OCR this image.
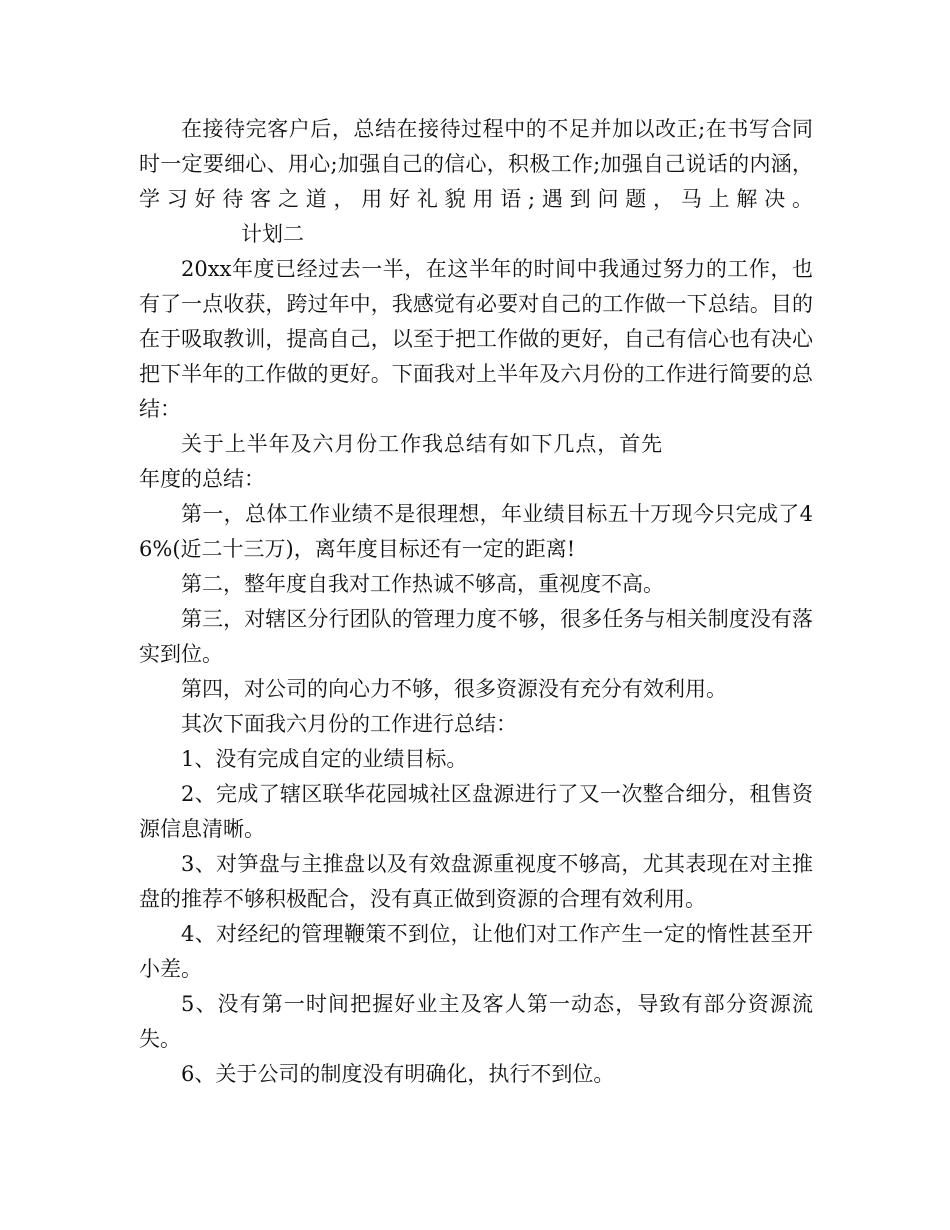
在接待完客户后，总结在接待过程中的不足并加以改正;在书写合同时一定要细心、用心;加强自己的信心，积极工作;加强自己说话的内涵，学习好待客之道，用好礼貌用语;遇到问题，马上解决。计划二

20xx年度已经过去一半，在这半年的时间中我通过努力的工作，也有了一点收获，跨过年中，我感觉有必要对自己的工作做一下总结。目的在于吸取教训，提高自己，以至于把工作做的更好，自己有信心也有决心把下半年的工作做的更好。下面我对上半年及六月份的工作进行简要的总结：

关于上半年及六月份工作我总结有如下几点，首先年度的总结：

第一，总体工作业绩不是很理想，年业绩目标五十万现今只完成了46%(近二十三万)，离年度目标还有一定的距离!

第二，整年度自我对工作热诚不够高，重视度不高。

第三，对辖区分行团队的管理力度不够，很多任务与相关制度没有落实到位。

第四，对公司的向心力不够，很多资源没有充分有效利用。

其次下面我六月份的工作进行总结：

1、没有完成自定的业绩目标。

2、完成了辖区联华花园城社区盘源进行了又一次整合细分，租售资源信息清晰。

3、对笋盘与主推盘以及有效盘源重视度不够高，尤其表现在对主推盘的推荐不够积极配合，没有真正做到资源的合理有效利用。

4、对经纪的管理鞭策不到位，让他们对工作产生一定的惰性甚至开小差。

5、没有第一时间把握好业主及客人第一动态，导致有部分资源流失。

6、关于公司的制度没有明确化，执行不到位。
